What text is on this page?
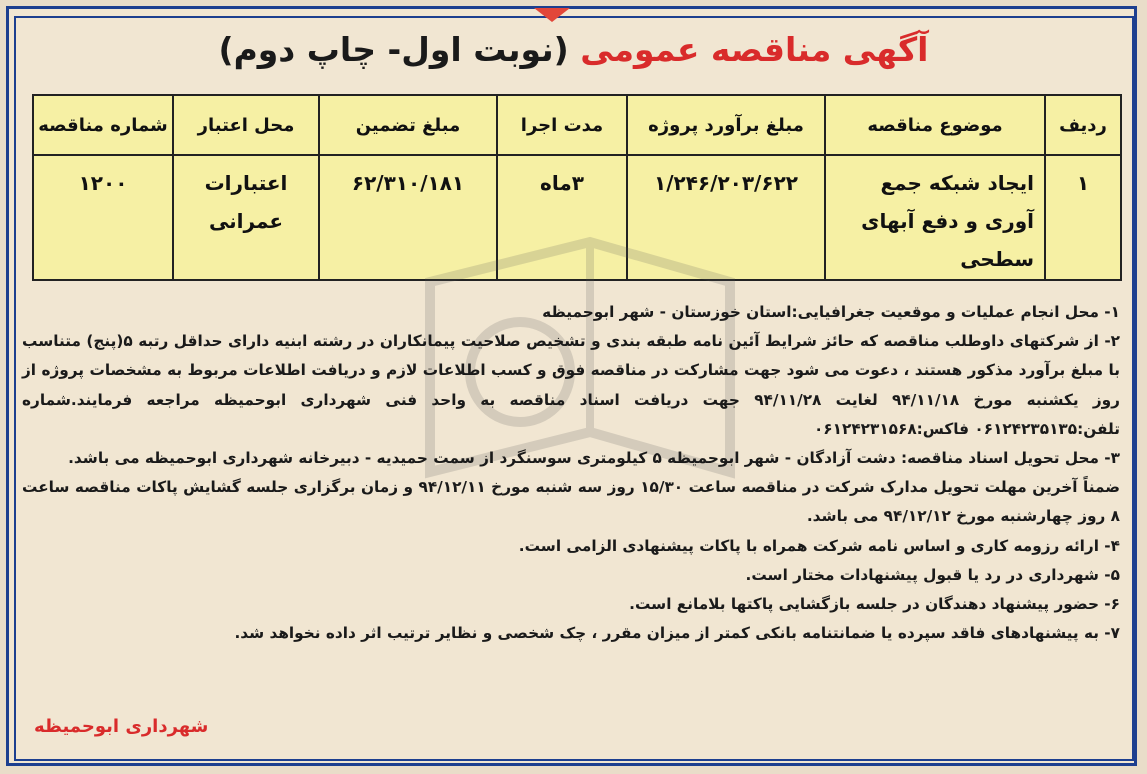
آگهی مناقصه عمومی (نوبت اول- چاپ دوم)
ردیف	موضوع مناقصه	مبلغ برآورد پروژه	مدت اجرا	مبلغ تضمین	محل اعتبار	شماره مناقصه
۱	ایجاد شبکه جمع آوری و دفع آبهای سطحی	۱/۲۴۶/۲۰۳/۶۲۲	۳ماه	۶۲/۳۱۰/۱۸۱	اعتبارات عمرانی	۱۲۰۰

۱- محل انجام عملیات و موقعیت جغرافیایی:استان خوزستان - شهر ابوحمیظه

۲- از شرکتهای داوطلب مناقصه که حائز شرایط آئین نامه طبقه بندی و تشخیص صلاحیت پیمانکاران در رشته ابنیه دارای حداقل رتبه ۵(پنج) متناسب با مبلغ برآورد مذکور هستند ، دعوت می شود جهت مشارکت در مناقصه فوق و کسب اطلاعات لازم و دریافت اطلاعات مربوط به مشخصات پروژه از روز یکشنبه مورخ ۹۴/۱۱/۱۸ لغایت ۹۴/۱۱/۲۸ جهت دریافت اسناد مناقصه به واحد فنی شهرداری ابوحمیظه مراجعه فرمایند.شماره تلفن:۰۶۱۲۴۲۳۵۱۳۵ فاکس:۰۶۱۲۴۲۳۱۵۶۸

۳- محل تحویل اسناد مناقصه: دشت آزادگان - شهر ابوحمیظه ۵ کیلومتری سوسنگرد از سمت حمیدیه - دبیرخانه شهرداری ابوحمیظه می باشد.

ضمناً آخرین مهلت تحویل مدارک شرکت در مناقصه ساعت ۱۵/۳۰ روز سه شنبه مورخ ۹۴/۱۲/۱۱ و زمان برگزاری جلسه گشایش پاکات مناقصه ساعت ۸ روز چهارشنبه مورخ ۹۴/۱۲/۱۲ می باشد.

۴- ارائه رزومه کاری و اساس نامه شرکت همراه با پاکات پیشنهادی الزامی است.

۵- شهرداری در رد یا قبول پیشنهادات مختار است.

۶- حضور پیشنهاد دهندگان در جلسه بازگشایی پاکتها بلامانع است.

۷- به پیشنهادهای فاقد سپرده یا ضمانتنامه بانکی کمتر از میزان مقرر ، چک شخصی و نظایر ترتیب اثر داده نخواهد شد.

شهرداری ابوحمیظه
